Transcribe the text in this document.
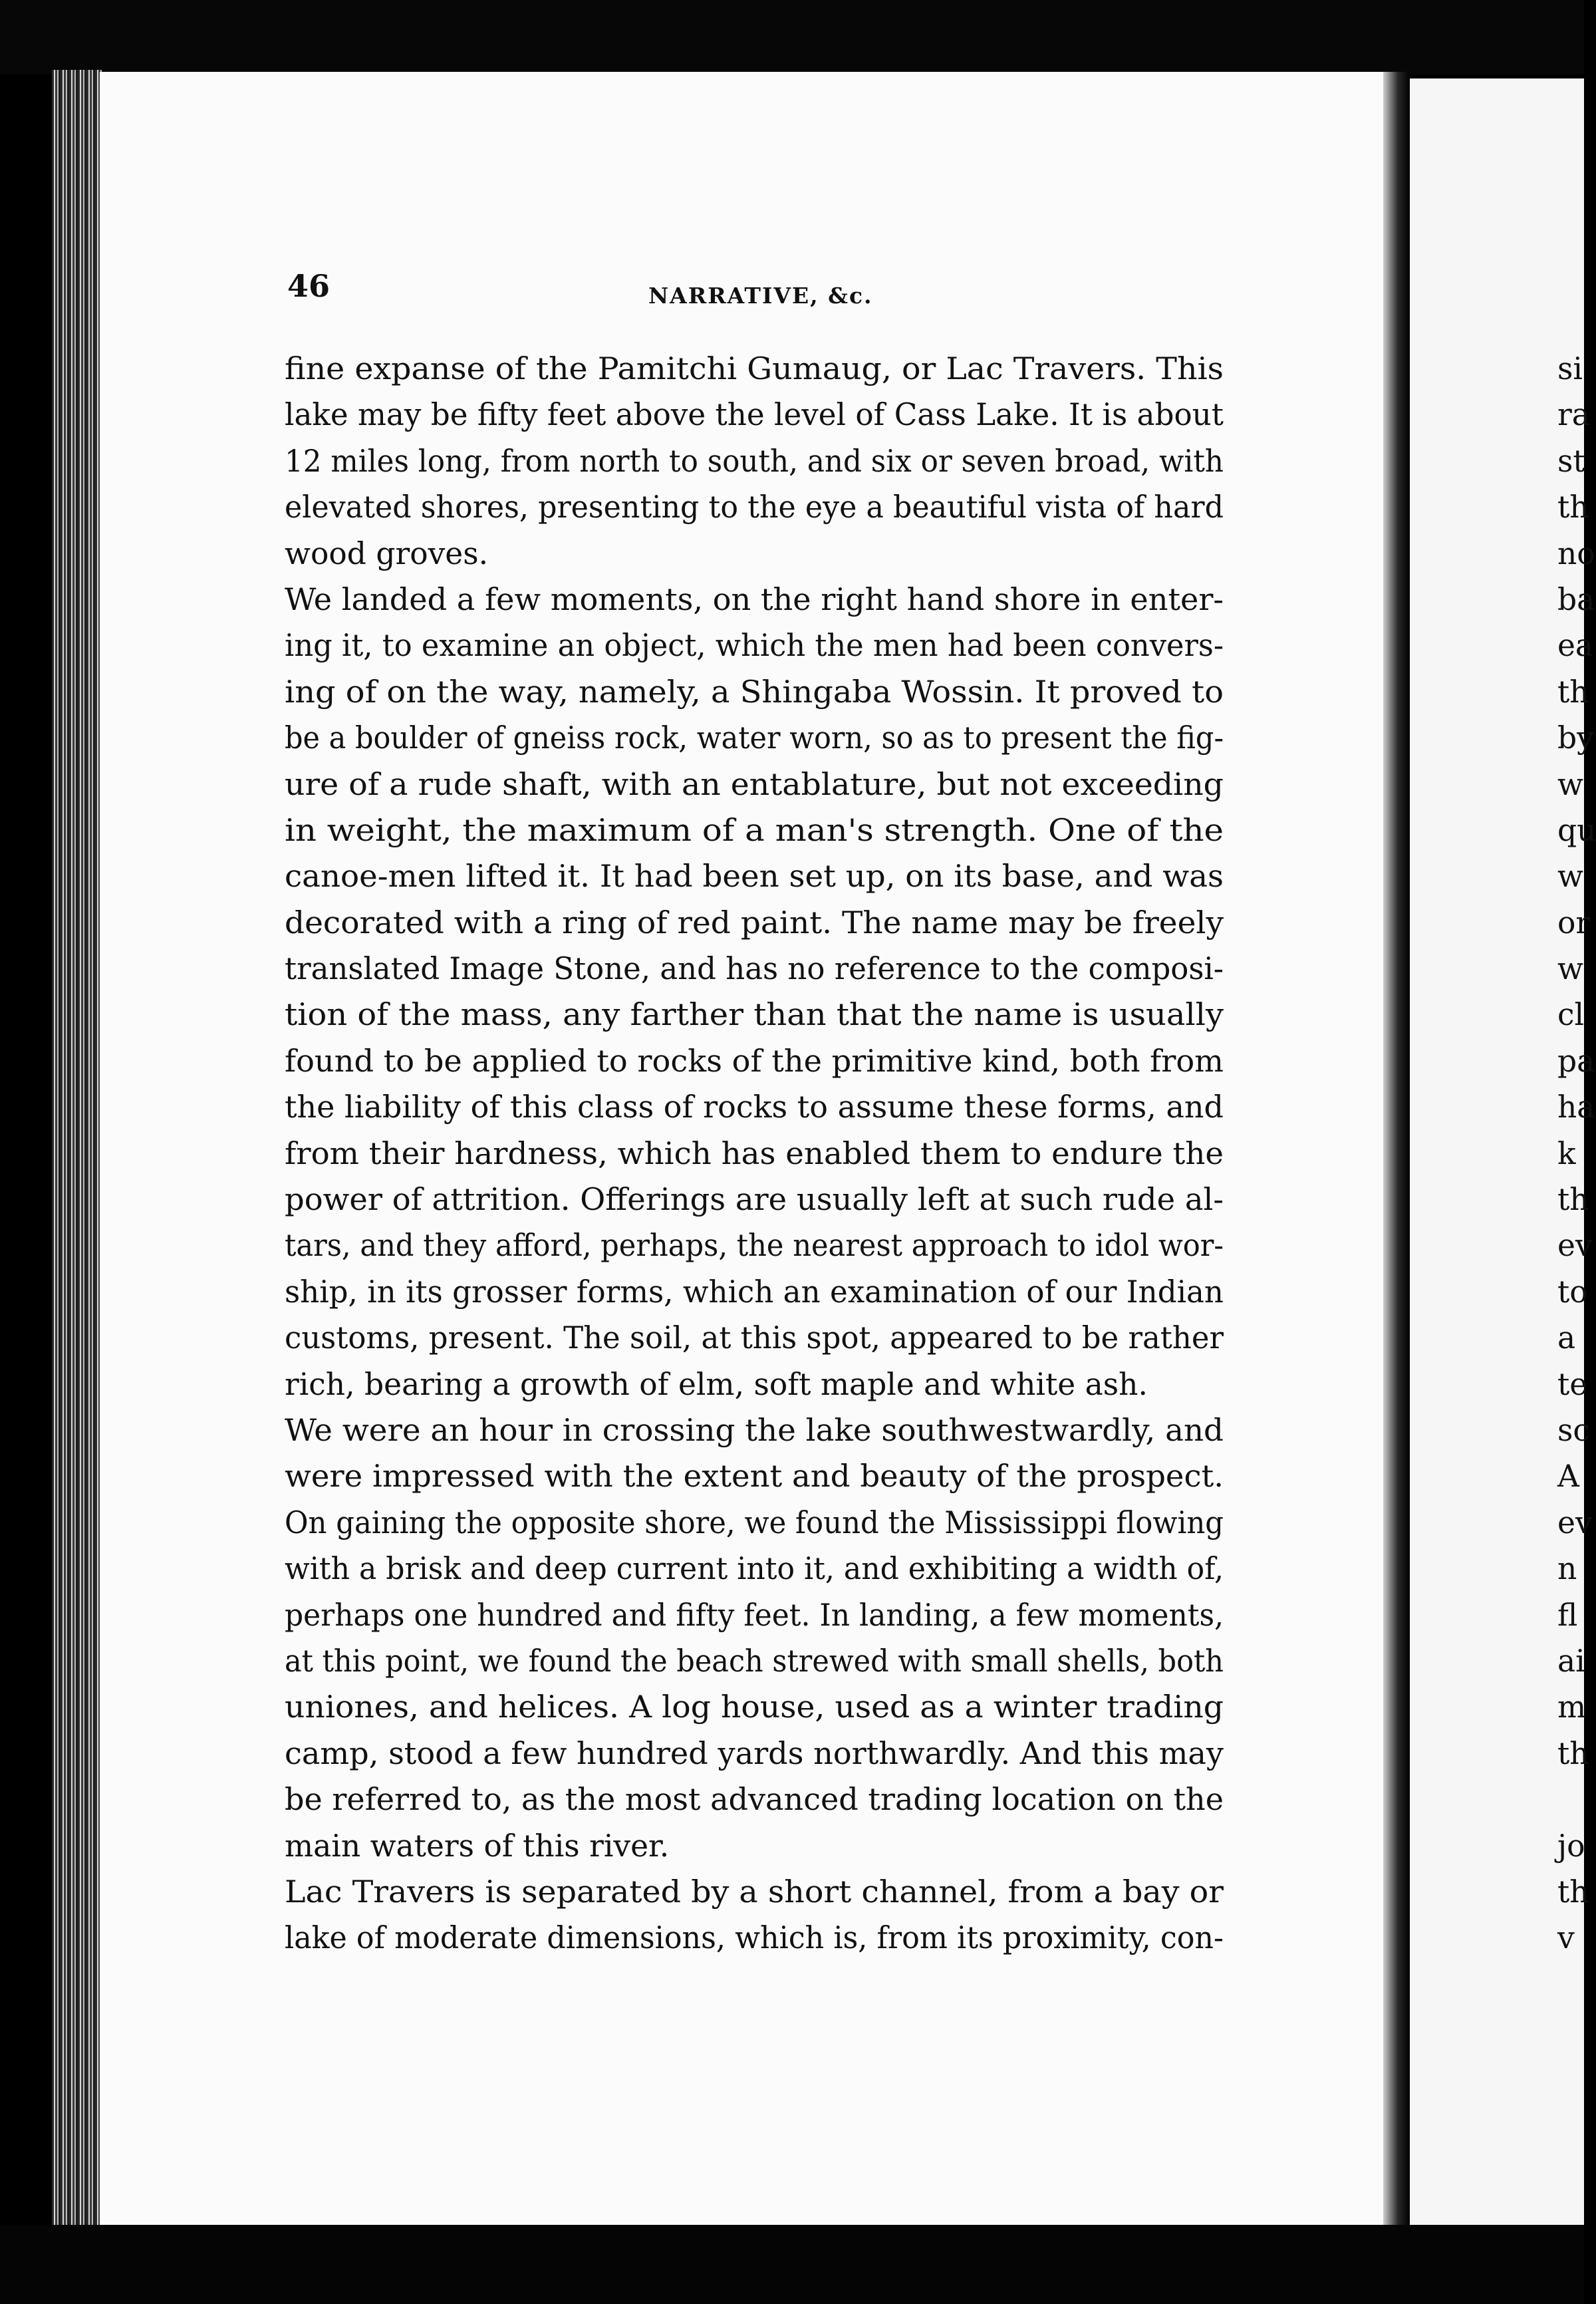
46	NARRATIVE, &c.
fine expanse of the Pamitchi Gumaug, or Lac Travers. This
lake may be fifty feet above the level of Cass Lake. It is about
12 miles long, from north to south, and six or seven broad, with
elevated shores, presenting to the eye a beautiful vista of hard
wood groves.
We landed a few moments, on the right hand shore in enter-
ing it, to examine an object, which the men had been convers-
ing of on the way, namely, a Shingaba Wossin. It proved to
be a boulder of gneiss rock, water worn, so as to present the fig-
ure of a rude shaft, with an entablature, but not exceeding
in weight, the maximum of a man's strength. One of the
canoe-men lifted it. It had been set up, on its base, and was
decorated with a ring of red paint. The name may be freely
translated Image Stone, and has no reference to the composi-
tion of the mass, any farther than that the name is usually
found to be applied to rocks of the primitive kind, both from
the liability of this class of rocks to assume these forms, and
from their hardness, which has enabled them to endure the
power of attrition. Offerings are usually left at such rude al-
tars, and they afford, perhaps, the nearest approach to idol wor-
ship, in its grosser forms, which an examination of our Indian
customs, present. The soil, at this spot, appeared to be rather
rich, bearing a growth of elm, soft maple and white ash.
We were an hour in crossing the lake southwestwardly, and
were impressed with the extent and beauty of the prospect.
On gaining the opposite shore, we found the Mississippi flowing
with a brisk and deep current into it, and exhibiting a width of,
perhaps one hundred and fifty feet. In landing, a few moments,
at this point, we found the beach strewed with small shells, both
uniones, and helices. A log house, used as a winter trading
camp, stood a few hundred yards northwardly. And this may
be referred to, as the most advanced trading location on the
main waters of this river.
Lac Travers is separated by a short channel, from a bay or
lake of moderate dimensions, which is, from its proximity, con-
si
ra
st
th
no
ba
ea
th
by
w
qu
w
or
w
cl
pa
ha
k
th
ev
to
a
te
sc
A
ev
n
fl
ai
m
th
jo
th
v
